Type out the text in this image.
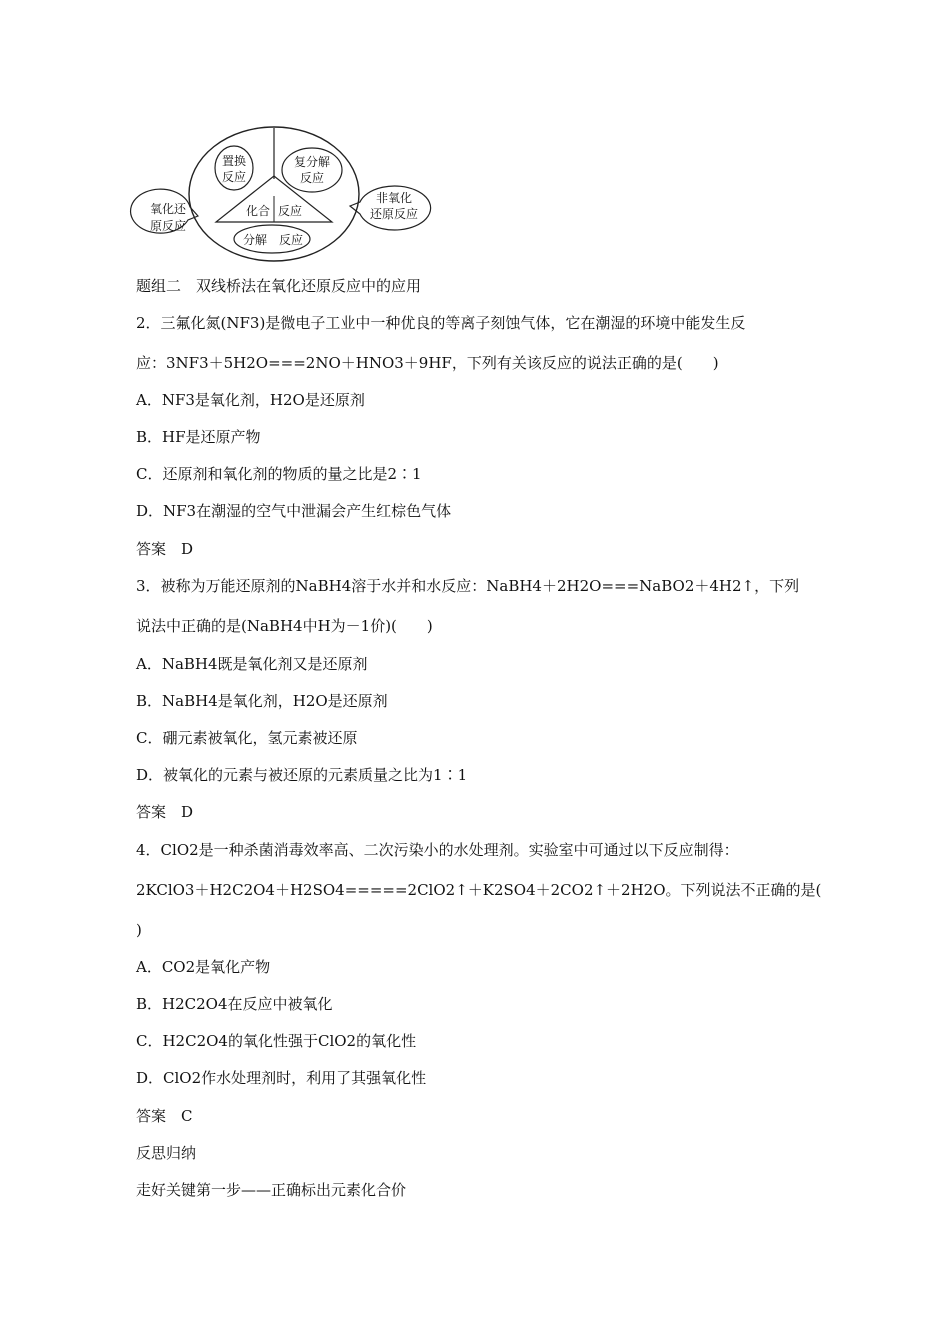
置换
反应
复分解
反应
化合 反应
分解 反应
氧化还
原反应
非氧化
还原反应
题组二　双线桥法在氧化还原反应中的应用
2．三氟化氮(NF3)是微电子工业中一种优良的等离子刻蚀气体，它在潮湿的环境中能发生反
应：3NF3＋5H2O===2NO＋HNO3＋9HF，下列有关该反应的说法正确的是(　　)
A．NF3是氧化剂，H2O是还原剂
B．HF是还原产物
C．还原剂和氧化剂的物质的量之比是2∶1
D．NF3在潮湿的空气中泄漏会产生红棕色气体
答案　D
3．被称为万能还原剂的NaBH4溶于水并和水反应：NaBH4＋2H2O===NaBO2＋4H2↑，下列
说法中正确的是(NaBH4中H为－1价)(　　)
A．NaBH4既是氧化剂又是还原剂
B．NaBH4是氧化剂，H2O是还原剂
C．硼元素被氧化，氢元素被还原
D．被氧化的元素与被还原的元素质量之比为1∶1
答案　D
4．ClO2是一种杀菌消毒效率高、二次污染小的水处理剂。实验室中可通过以下反应制得：
2KClO3＋H2C2O4＋H2SO4=====2ClO2↑＋K2SO4＋2CO2↑＋2H2O。下列说法不正确的是(
)
A．CO2是氧化产物
B．H2C2O4在反应中被氧化
C．H2C2O4的氧化性强于ClO2的氧化性
D．ClO2作水处理剂时，利用了其强氧化性
答案　C
反思归纳
走好关键第一步——正确标出元素化合价
